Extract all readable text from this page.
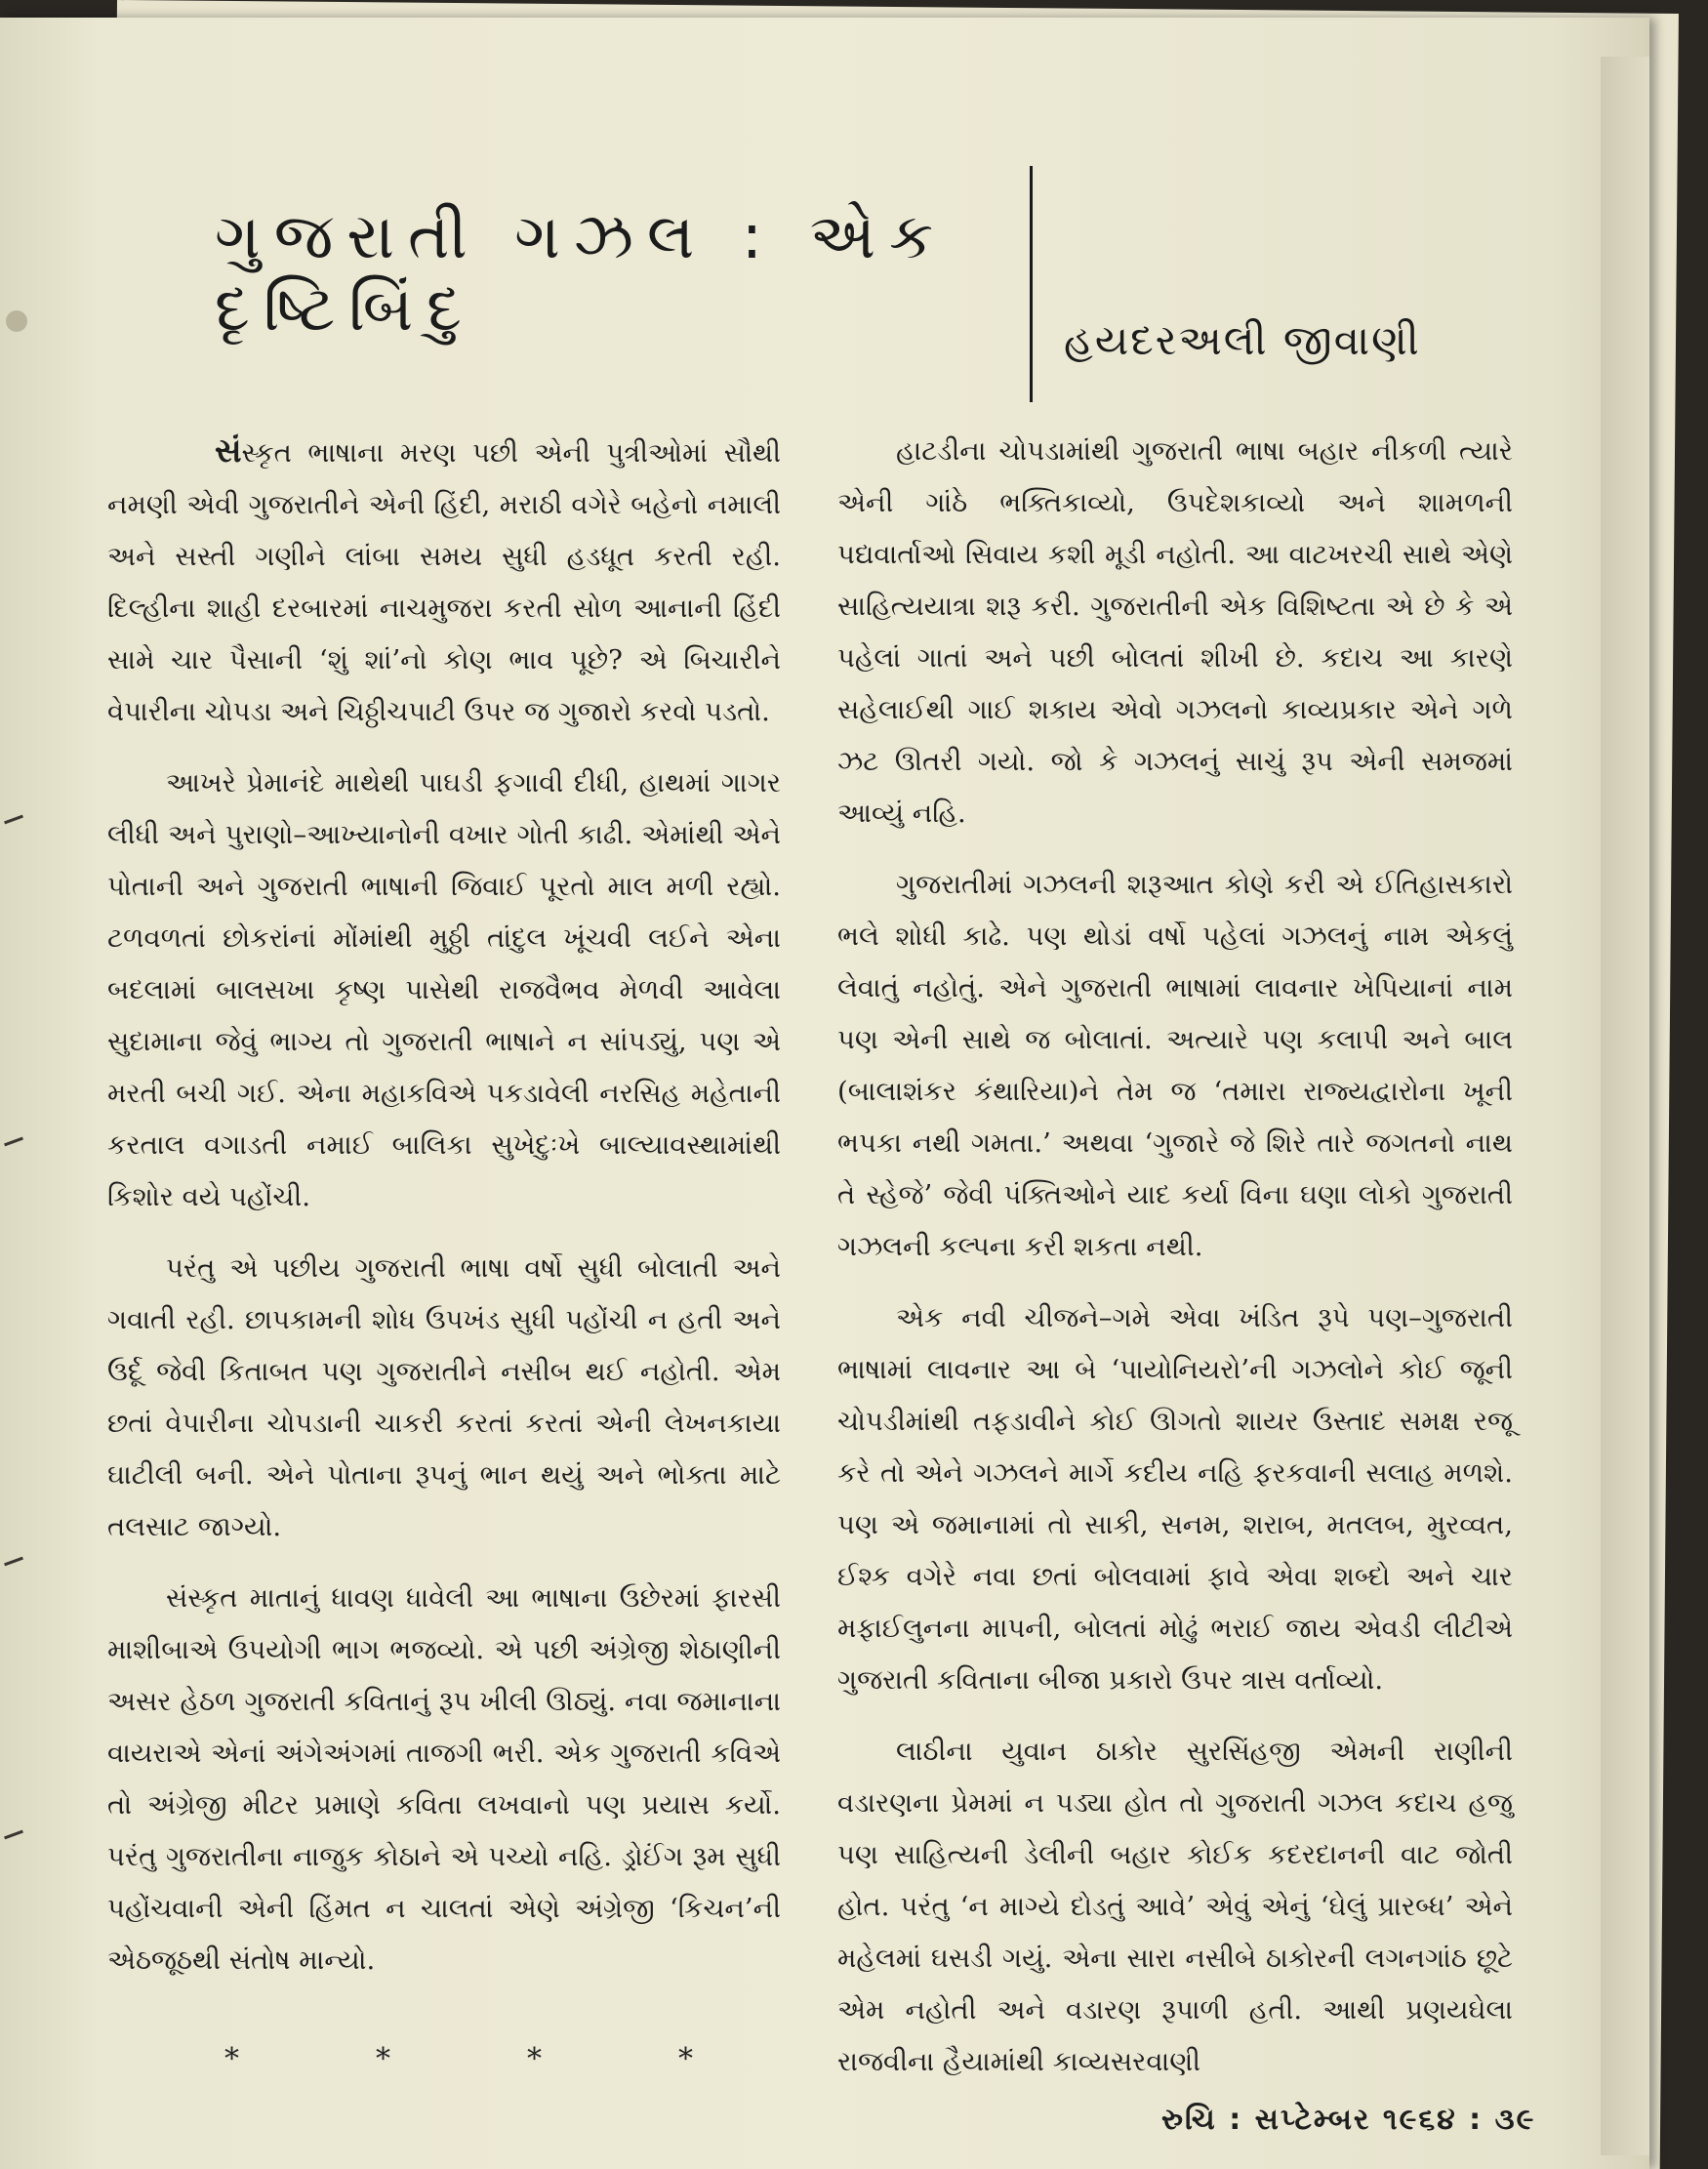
ગુજરાતી ગઝલ : એક દૃષ્ટિબિંદુ	હયદરઅલી જીવાણી

સંસ્કૃત ભાષાના મરણ પછી એની પુત્રીઓમાં સૌથી નમણી એવી ગુજરાતીને એની હિંદી, મરાઠી વગેરે બહેનો નમાલી અને સસ્તી ગણીને લાંબા સમય સુધી હડધૂત કરતી રહી. દિલ્હીના શાહી દરબારમાં નાચમુજરા કરતી સોળ આનાની હિંદી સામે ચાર પૈસાની ‘શું શાં’નો કોણ ભાવ પૂછે? એ બિચારીને વેપારીના ચોપડા અને ચિઠ્ઠીચપાટી ઉપર જ ગુજારો કરવો પડતો.

આખરે પ્રેમાનંદે માથેથી પાઘડી ફગાવી દીધી, હાથમાં ગાગર લીધી અને પુરાણો–આખ્યાનોની વખાર ગોતી કાઢી. એમાંથી એને પોતાની અને ગુજરાતી ભાષાની જિવાઈ પૂરતો માલ મળી રહ્યો. ટળવળતાં છોકરાંનાં મોંમાંથી મુઠ્ઠી તાંદુલ ખૂંચવી લઈને એના બદલામાં બાલસખા કૃષ્ણ પાસેથી રાજવૈભવ મેળવી આવેલા સુદામાના જેવું ભાગ્ય તો ગુજરાતી ભાષાને ન સાંપડ્યું, પણ એ મરતી બચી ગઈ. એના મહાકવિએ પકડાવેલી નરસિહ મહેતાની કરતાલ વગાડતી નમાઈ બાલિકા સુખેદુઃખે બાલ્યાવસ્થામાંથી કિશોર વયે પહોંચી.

પરંતુ એ પછીય ગુજરાતી ભાષા વર્ષો સુધી બોલાતી અને ગવાતી રહી. છાપકામની શોધ ઉપખંડ સુધી પહોંચી ન હતી અને ઉર્દૂ જેવી કિતાબત પણ ગુજરાતીને નસીબ થઈ નહોતી. એમ છતાં વેપારીના ચોપડાની ચાકરી કરતાં કરતાં એની લેખનકાયા ઘાટીલી બની. એને પોતાના રૂપનું ભાન થયું અને ભોક્તા માટે તલસાટ જાગ્યો.

સંસ્કૃત માતાનું ધાવણ ધાવેલી આ ભાષાના ઉછેરમાં ફારસી માશીબાએ ઉપયોગી ભાગ ભજવ્યો. એ પછી અંગ્રેજી શેઠાણીની અસર હેઠળ ગુજરાતી કવિતાનું રૂપ ખીલી ઊઠ્યું. નવા જમાનાના વાયરાએ એનાં અંગેઅંગમાં તાજગી ભરી. એક ગુજરાતી કવિએ તો અંગ્રેજી મીટર પ્રમાણે કવિતા લખવાનો પણ પ્રયાસ કર્યો. પરંતુ ગુજરાતીના નાજુક કોઠાને એ પચ્યો નહિ. ડ્રોઈંગ રૂમ સુધી પહોંચવાની એની હિંમત ન ચાલતાં એણે અંગ્રેજી ‘કિચન’ની એઠજૂઠથી સંતોષ માન્યો.

*	*	*	*

હાટડીના ચોપડામાંથી ગુજરાતી ભાષા બહાર નીકળી ત્યારે એની ગાંઠે ભક્તિકાવ્યો, ઉપદેશકાવ્યો અને શામળની પદ્યવાર્તાઓ સિવાય કશી મૂડી નહોતી. આ વાટખરચી સાથે એણે સાહિત્યયાત્રા શરૂ કરી. ગુજરાતીની એક વિશિષ્ટતા એ છે કે એ પહેલાં ગાતાં અને પછી બોલતાં શીખી છે. કદાચ આ કારણે સહેલાઈથી ગાઈ શકાય એવો ગઝલનો કાવ્યપ્રકાર એને ગળે ઝટ ઊતરી ગયો. જો કે ગઝલનું સાચું રૂપ એની સમજમાં આવ્યું નહિ.

ગુજરાતીમાં ગઝલની શરૂઆત કોણે કરી એ ઈતિહાસકારો ભલે શોધી કાઢે. પણ થોડાં વર્ષો પહેલાં ગઝલનું નામ એકલું લેવાતું નહોતું. એને ગુજરાતી ભાષામાં લાવનાર ખેપિયાનાં નામ પણ એની સાથે જ બોલાતાં. અત્યારે પણ કલાપી અને બાલ (બાલાશંકર કંથારિયા)ને તેમ જ ‘તમારા રાજ્યદ્વારોના ખૂની ભપકા નથી ગમતા.’ અથવા ‘ગુજારે જે શિરે તારે જગતનો નાથ તે સ્હેજે’ જેવી પંક્તિઓને યાદ કર્યા વિના ઘણા લોકો ગુજરાતી ગઝલની કલ્પના કરી શકતા નથી.

એક નવી ચીજને–ગમે એવા ખંડિત રૂપે પણ–ગુજરાતી ભાષામાં લાવનાર આ બે ‘પાયોનિયરો’ની ગઝલોને કોઈ જૂની ચોપડીમાંથી તફડાવીને કોઈ ઊગતો શાયર ઉસ્તાદ સમક્ષ રજૂ કરે તો એને ગઝલને માર્ગે કદીય નહિ ફરકવાની સલાહ મળશે. પણ એ જમાનામાં તો સાકી, સનમ, શરાબ, મતલબ, મુરવ્વત, ઈશ્ક વગેરે નવા છતાં બોલવામાં ફાવે એવા શબ્દો અને ચાર મફાઈલુનના માપની, બોલતાં મોઢું ભરાઈ જાય એવડી લીટીએ ગુજરાતી કવિતાના બીજા પ્રકારો ઉપર ત્રાસ વર્તાવ્યો.

લાઠીના યુવાન ઠાકોર સુરસિંહજી એમની રાણીની વડારણના પ્રેમમાં ન પડ્યા હોત તો ગુજરાતી ગઝલ કદાચ હજુ પણ સાહિત્યની ડેલીની બહાર કોઈક કદરદાનની વાટ જોતી હોત. પરંતુ ‘ન માગ્યે દોડતું આવે’ એવું એનું ‘ઘેલું પ્રારબ્ધ’ એને મહેલમાં ઘસડી ગયું. એના સારા નસીબે ઠાકોરની લગનગાંઠ છૂટે એમ નહોતી અને વડારણ રૂપાળી હતી. આથી પ્રણયઘેલા રાજવીના હૈયામાંથી કાવ્યસરવાણી

રુચિ : સપ્ટેમ્બર ૧૯૬૪ : ૩૯
